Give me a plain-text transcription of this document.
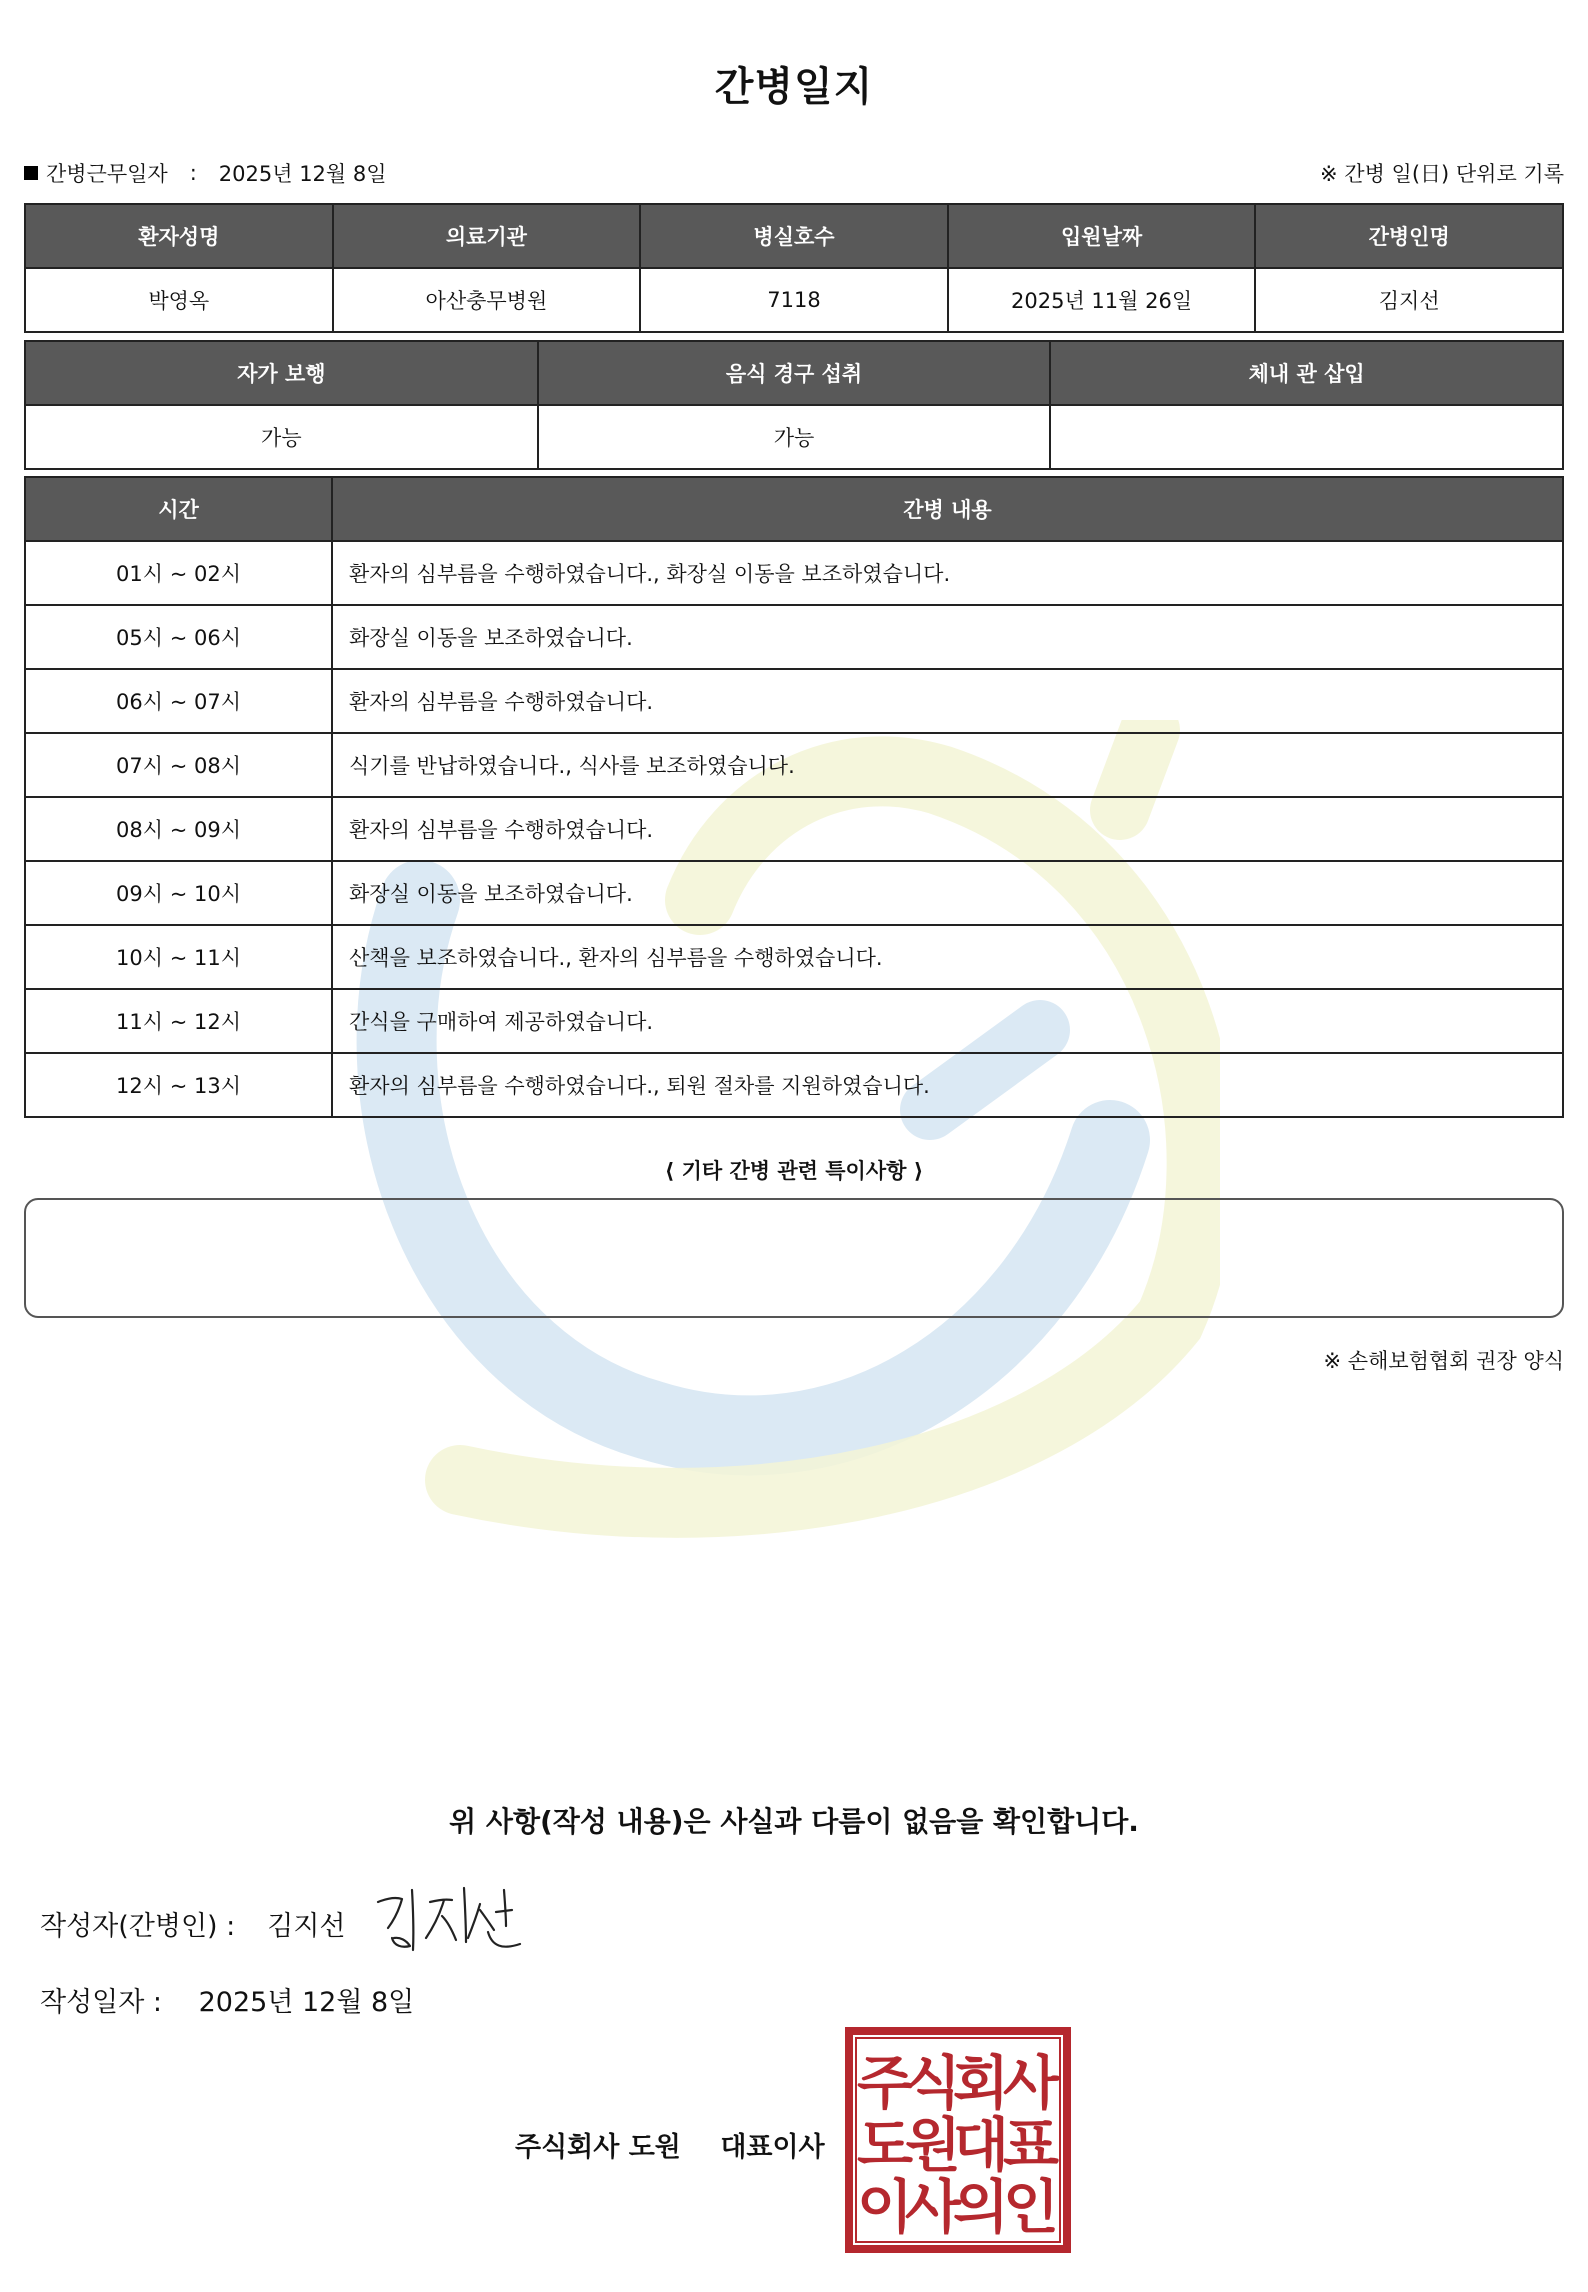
간병일지
간병근무일자 : 2025년 12월 8일	※ 간병 일(日) 단위로 기록
환자성명	의료기관	병실호수	입원날짜	간병인명
박영옥	아산충무병원	7118	2025년 11월 26일	김지선
자가 보행	음식 경구 섭취	체내 관 삽입
가능	가능	
시간	간병 내용
01시 ~ 02시	환자의 심부름을 수행하였습니다., 화장실 이동을 보조하였습니다.
05시 ~ 06시	화장실 이동을 보조하였습니다.
06시 ~ 07시	환자의 심부름을 수행하였습니다.
07시 ~ 08시	식기를 반납하였습니다., 식사를 보조하였습니다.
08시 ~ 09시	환자의 심부름을 수행하였습니다.
09시 ~ 10시	화장실 이동을 보조하였습니다.
10시 ~ 11시	산책을 보조하였습니다., 환자의 심부름을 수행하였습니다.
11시 ~ 12시	간식을 구매하여 제공하였습니다.
12시 ~ 13시	환자의 심부름을 수행하였습니다., 퇴원 절차를 지원하였습니다.
⟨ 기타 간병 관련 특이사항 ⟩
※ 손해보험협회 권장 양식
위 사항(작성 내용)은 사실과 다름이 없음을 확인합니다.
작성자(간병인) : 김지선
작성일자 : 2025년 12월 8일
주식회사 도원 대표이사
주
식
회
사
도
원
대
표
이
사
의
인
